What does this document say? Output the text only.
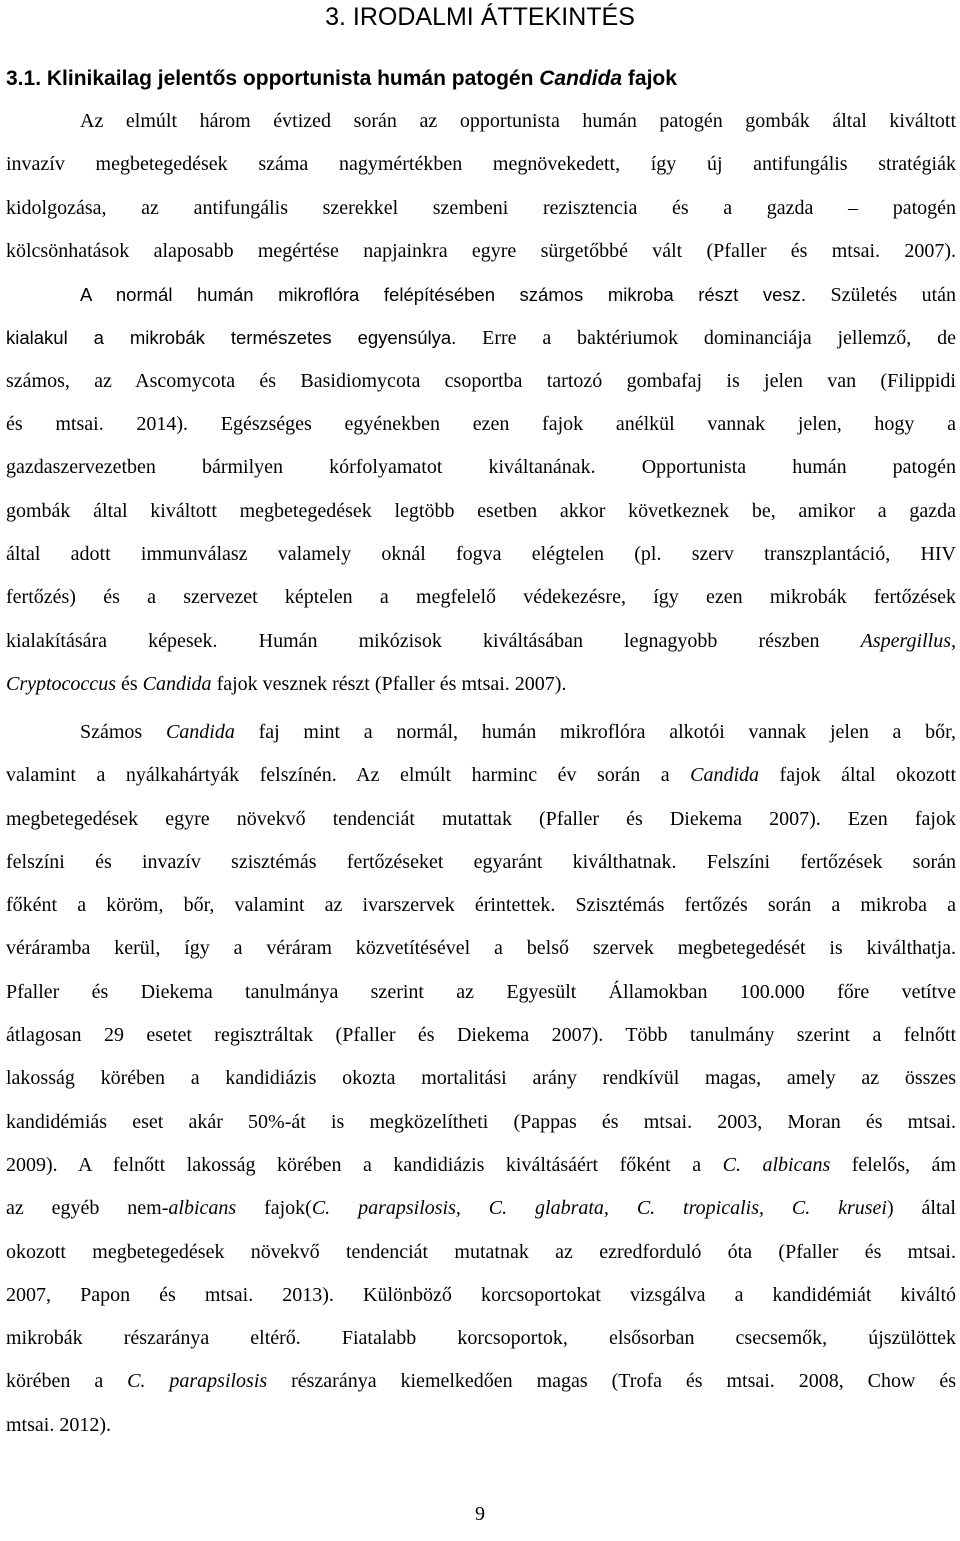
3. IRODALMI ÁTTEKINTÉS
3.1. Klinikailag jelentős opportunista humán patogén Candida fajok
Az elmúlt három évtized során az opportunista humán patogén gombák által kiváltott
invazív megbetegedések száma nagymértékben megnövekedett, így új antifungális stratégiák
kidolgozása, az antifungális szerekkel szembeni rezisztencia és a gazda – patogén
kölcsönhatások alaposabb megértése napjainkra egyre sürgetőbbé vált (Pfaller és mtsai. 2007).
A normál humán mikroflóra felépítésében számos mikroba részt vesz. Születés után
kialakul a mikrobák természetes egyensúlya. Erre a baktériumok dominanciája jellemző, de
számos, az Ascomycota és Basidiomycota csoportba tartozó gombafaj is jelen van (Filippidi
és mtsai. 2014). Egészséges egyénekben ezen fajok anélkül vannak jelen, hogy a
gazdaszervezetben bármilyen kórfolyamatot kiváltanának. Opportunista humán patogén
gombák által kiváltott megbetegedések legtöbb esetben akkor következnek be, amikor a gazda
által adott immunválasz valamely oknál fogva elégtelen (pl. szerv transzplantáció, HIV
fertőzés) és a szervezet képtelen a megfelelő védekezésre, így ezen mikrobák fertőzések
kialakítására képesek. Humán mikózisok kiváltásában legnagyobb részben Aspergillus,
Cryptococcus és Candida fajok vesznek részt (Pfaller és mtsai. 2007).
Számos Candida faj mint a normál, humán mikroflóra alkotói vannak jelen a bőr,
valamint a nyálkahártyák felszínén. Az elmúlt harminc év során a Candida fajok által okozott
megbetegedések egyre növekvő tendenciát mutattak (Pfaller és Diekema 2007). Ezen fajok
felszíni és invazív szisztémás fertőzéseket egyaránt kiválthatnak. Felszíni fertőzések során
főként a köröm, bőr, valamint az ivarszervek érintettek. Szisztémás fertőzés során a mikroba a
véráramba kerül, így a véráram közvetítésével a belső szervek megbetegedését is kiválthatja.
Pfaller és Diekema tanulmánya szerint az Egyesült Államokban 100.000 főre vetítve
átlagosan 29 esetet regisztráltak (Pfaller és Diekema 2007). Több tanulmány szerint a felnőtt
lakosság körében a kandidiázis okozta mortalitási arány rendkívül magas, amely az összes
kandidémiás eset akár 50%-át is megközelítheti (Pappas és mtsai. 2003, Moran és mtsai.
2009). A felnőtt lakosság körében a kandidiázis kiváltásáért főként a C. albicans felelős, ám
az egyéb nem-albicans fajok(C. parapsilosis, C. glabrata, C. tropicalis, C. krusei) által
okozott megbetegedések növekvő tendenciát mutatnak az ezredforduló óta (Pfaller és mtsai.
2007, Papon és mtsai. 2013). Különböző korcsoportokat vizsgálva a kandidémiát kiváltó
mikrobák részaránya eltérő. Fiatalabb korcsoportok, elsősorban csecsemők, újszülöttek
körében a C. parapsilosis részaránya kiemelkedően magas (Trofa és mtsai. 2008, Chow és
mtsai. 2012).
9
